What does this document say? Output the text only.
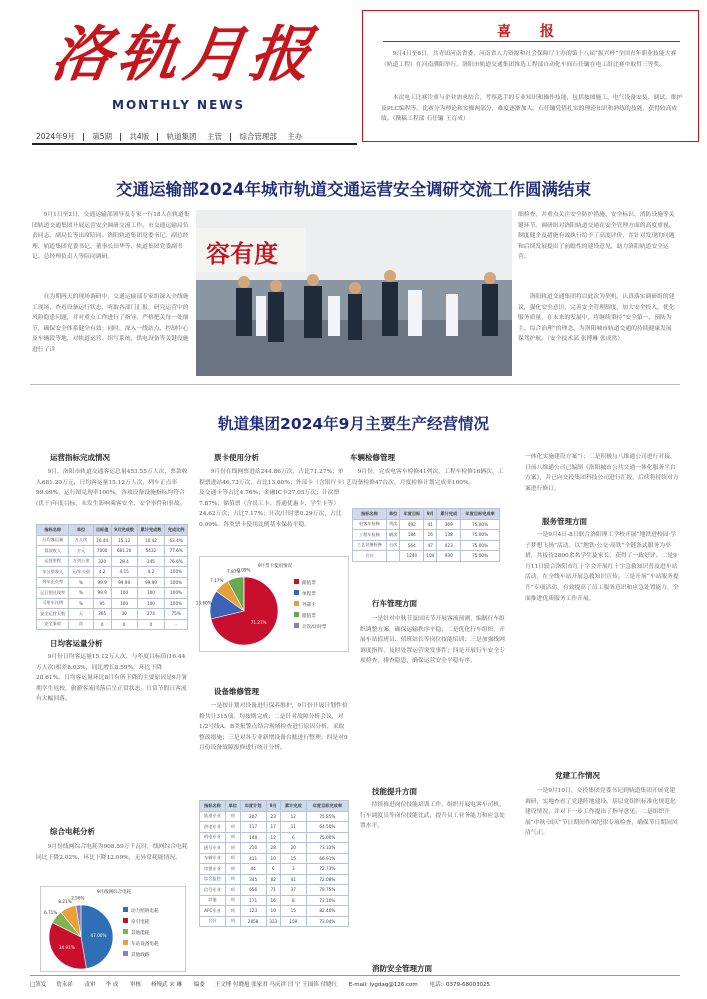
洛轨月报
MONTHLY NEWS
2024年9月 第5期 共4版 轨道集团 主管 综合管理部 主办
喜 报
9月4日至6日，共青团河南省委、河南省人力资源和社会保障厅主办的第十八届“振兴杯”全国青年职业技能大赛（轨道工程）在河南濮阳举行。洛阳市轨道交通集团推选工程部自动化车间石任镛在电工组比赛中取得三等奖。
本次电工比赛注重与企业需求结合，考察选手的专业知识和操作技能，包括按图施工、电气设备安装、调试、维护及PLC编程等。比赛分为理论和实操两部分，难度逐渐加大。石任镛凭借扎实的理论知识和熟练的技能，获得较高成绩。（撰稿工程部 石任镛 王育成）
交通运输部2024年城市轨道交通运营安全调研交流工作圆满结束
9月1日至2日，交通运输部领导及专家一行18人在轨道集团轨道交通集团开展运营安全调研交流工作。市交通运输局负责同志、副局长等出席陪同。洛阳轨道集团党委书记、副总经理、轨道集团党委书记、董事长田华等、轨道集团党委副书记、总经理负责人等陪同调研。
在为期两天的现场调研中，交通运输部专家组深入全线施工现场，查看设备运行状态，听取各部门汇报，研究运营中的风险隐患问题，并对重点工作进行了指导。严格把关每一处细节，确保安全体系健全有效；同时，深入一线站点、控制中心及车辆段等地，对轨道运营、组写系统、供电设备等关键设施进行了详
容有度
细检查，并重点关注安全防护措施、安全标识、消防设施等关键环节。调研组对洛阳轨道交通在安全管理方面的高度重视、制度健全及措施有效执行给予了高度评价，并针对发现的问题和后续发展提出了前瞻性的建设意见，助力洛阳轨道安全运营。
洛阳轨道交通集团将以此次为契机，认真落实调研组的建议，强化安全意识，完善安全管理制度，加大安全投入，优化服务质量，在未来的发展中，将继续秉持“安全第一、预防为主、综合治理”的理念，为洛阳城市轨道交通的持续健康发展保驾护航。（安全技术部 张博琳 张成然）
轨道集团2024年9月主要生产经营情况
运营指标完成情况
9月，洛阳市轨道交通客运总量453.55万人次，票款收入681.20万元，日均客运量15.12万人次，列车正点率99.99%，运行图兑现率100%。各项设备设施指标均符合(优于)年度目标，未发生影响乘客安全、安全事件和事故。
指标名称	单位	目标值	9月完成数	累计完成数	完成比例
日均客运量	万人次	16.44	15.12	10.42	63.4%
票款收入	万元	7000	681.20	5432	77.6%
运营里程	万列公里	320	28.4	245	76.6%
车公里收入	元/车公里	4.2	4.15	4.2	100%
列车正点率	%	99.9	99.99	99.99	100%
运行图兑现率	%	99.9	100	100	100%
可用车比例	%	95	100	100	100%
安全运营天数	天	365	30	274	75%
安全事故	次	0	0	0	-
日均客运量分析
9月份日均客运量15.12万人次，与年度目标值(16.44万人次)相差8.03%，同比增长8.59%，环比下降28.61%。日均客运量环比8月有所下降的主要原因是9月暑期学生返校，旅游客流回落后呈正常状态。日常节假日客流有大幅回落。
综合电耗分析
9月份线网综合电耗为908.59万千瓦时，线网综合电耗同比下降2.02%，环比下降12.09%，无异常耗能情况。
9月线网综合电耗
47.00%
34.91%
6.71%
8.21%
2.56%
动力照明电耗
牵引电耗
其他能耗
车站设备电耗
其他线路
票卡使用分析
9月份在线网票进站244.86万次，占比71.27%；单程票进站46.73万次，占比13.60%；外部卡（含银行卡）及交通卡等占比4.76%；金融IC卡27.05万次；计次票7.87%；储值票（含员工卡、普通优惠卡、学生卡等）24.62万次；占比7.17%；计次/计时票0.29万次，占比0.09%。各类票卡使用比例基本保持平稳。
9月票卡使用情况
71.27%
13.60%
7.17%
7.87%
0.09%
储值票
单程票
外部卡
储值票
计次/计时票
设备维修管理
一是按计划对设备进行保养维护，9月份开展计划性检修共计315项，均按期完成；二是针对故障分析会议，对1/2号线A、B类报警点结合现场检查进行原因分析，采取整改措施；三是对各专业新增设备台账进行整理；四是对9月份设备故障报修进行统计分析。
指标名称	单位	年度计划	9月	累计完成	年度目标完成率
轨道专业	项	207	23	12	75.85%
供电专业	项	117	17	11	64.50%
机电专业	项	148	12	6	75.00%
通号专业	项	210	28	20	73.32%
车辆专业	项	411	10	15	66.91%
房建专业	项	44	6	3	72.73%
综合监控	项	345	82	41	72.08%
信号专业	项	656	71	37	79.75%
其他	项	171	16	8	73.10%
AFC专业	项	123	10	15	82.40%
合计	项	2858	333	159	73.04%
车辆检修管理
9月份，完成电客车检修41列次，工程车检修16辆次，工艺设备检修47台次，月度检修计划完成率100%。
指标名称	单位	年度目标	9月	累计完成	年度目标完成率
电客车检修	列次	492	41	369	75.00%
工程车检修	辆次	184	16	138	75.00%
工艺设备检修	台次	564	47	423	75.00%
合计		1240	104	930	75.00%
行车管理方面
一是针对中秋节及国庆节开展客流预测，编制行车组织调整方案，确保运输秩序平稳；二是优化行车组织，开展车站值班员、值班站长等岗位技能培训；三是加强线网调度指挥，及时处置运营突发事件；四是开展行车安全专项检查，排查隐患，确保运营安全平稳有序。
技能提升方面
持续推进岗位技能培训工作，组织开展电客车司机、行车调度员等岗位技能比武，提升员工业务能力和应急处置水平。
消防安全管理方面
一体化实施建设方案”）；二是积极与八维通公司进行对接，日前八维通公司已编制《洛阳城市公共交通一体化服务平台方案》，并已向交投集团科技公司进行汇报，后续将持续对方案进行修订。
服务管理方面
一是9月4日-8日联合洛阳理工学校开展“地铁进校园·学子梦想飞扬”活动。以“地铁·公交·高铁”全链条式服务为举措，共接待2800余名学生及家长，获得了一致好评。二是9月11日联合洛阳市红十字会开展红十字急救知识普及进车站活动，在全线车站开展急救知识宣传。三是开展“车站服务提升”专项活动，有效提高了员工服务意识和应急处置能力，全面推进优质服务工作开展。
党建工作情况
一是9月10日，交投集团党委书记到轨道集团开展党建调研，实地查看了党建阵地建设、基层党组织标准化规范化建设情况，并对下一步工作提出了指导意见。二是组织开展“中秋·国庆”节日期间作风纪律专项检查，确保节日期间风清气正。
□签发 詹永祥 责审 李 成 审核 杨慢武 宋 琳 编委 王文博 付晓旭 张家君 马庆祥 闫 宁 王国伟 付晓红 E-mail: lygdag@126.com 电话：0379-68003025
